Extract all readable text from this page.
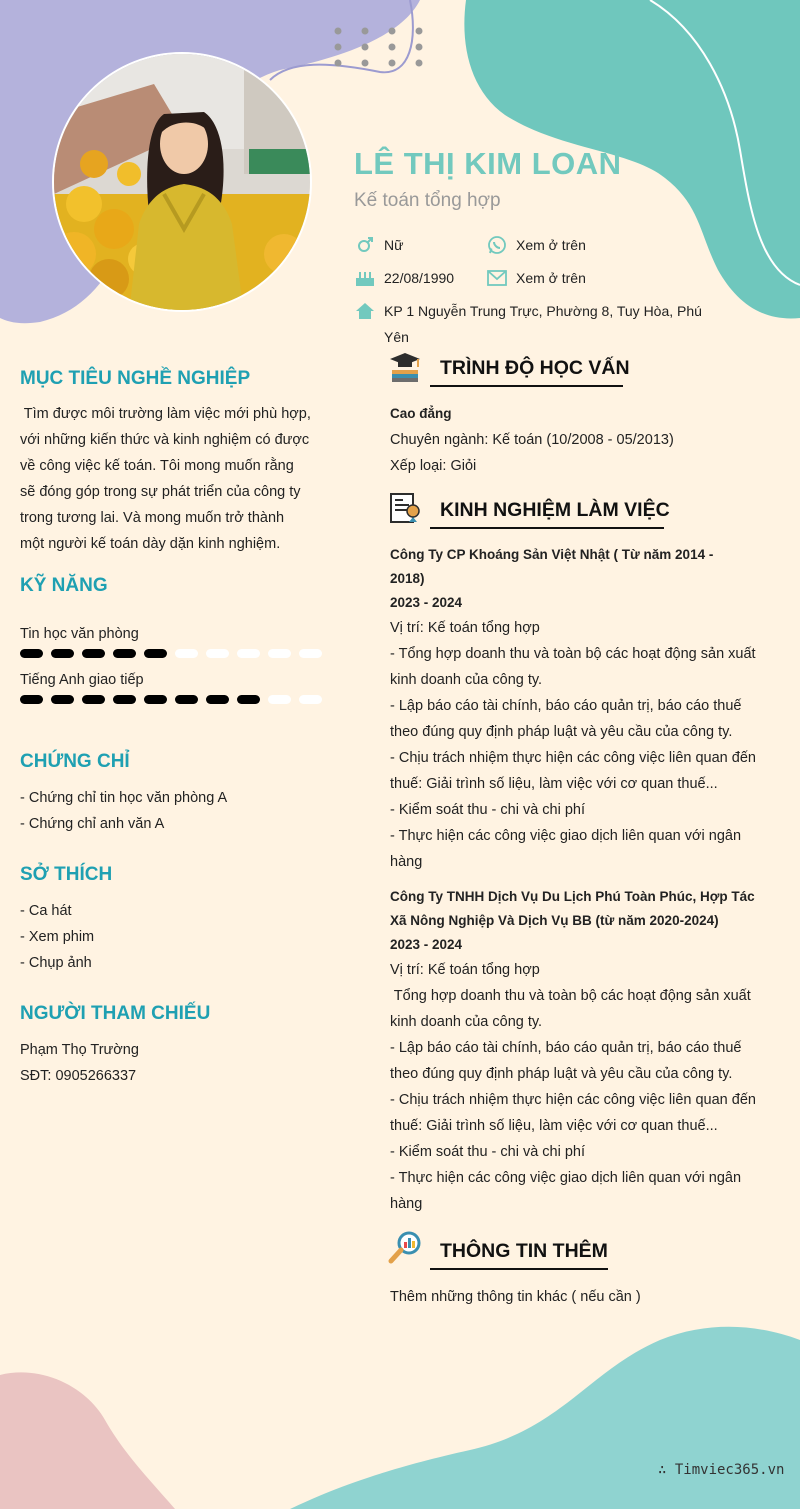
LÊ THỊ KIM LOAN
Kế toán tổng hợp
Nữ	Xem ở trên
22/08/1990	Xem ở trên
KP 1 Nguyễn Trung Trực, Phường 8, Tuy Hòa, Phú
Yên
MỤC TIÊU NGHỀ NGHIỆP
Tìm được môi trường làm việc mới phù hợp,
với những kiến thức và kinh nghiệm có được
về công việc kế toán. Tôi mong muốn rằng
sẽ đóng góp trong sự phát triển của công ty
trong tương lai. Và mong muốn trở thành
một người kế toán dày dặn kinh nghiệm.
KỸ NĂNG
Tin học văn phòng
Tiếng Anh giao tiếp
CHỨNG CHỈ
- Chứng chỉ tin học văn phòng A
- Chứng chỉ anh văn A
SỞ THÍCH
- Ca hát
- Xem phim
- Chụp ảnh
NGƯỜI THAM CHIẾU
Phạm Thọ Trường
SĐT: 0905266337
TRÌNH ĐỘ HỌC VẤN
Cao đẳng
Chuyên ngành: Kế toán (10/2008 - 05/2013)
Xếp loại: Giỏi
KINH NGHIỆM LÀM VIỆC
Công Ty CP Khoáng Sản Việt Nhật ( Từ năm 2014 -
2018)
2023 - 2024
Vị trí: Kế toán tổng hợp
- Tổng hợp doanh thu và toàn bộ các hoạt động sản xuất
kinh doanh của công ty.
- Lập báo cáo tài chính, báo cáo quản trị, báo cáo thuế
theo đúng quy định pháp luật và yêu cầu của công ty.
- Chịu trách nhiệm thực hiện các công việc liên quan đến
thuế: Giải trình số liệu, làm việc với cơ quan thuế...
- Kiểm soát thu - chi và chi phí
- Thực hiện các công việc giao dịch liên quan với ngân
hàng
Công Ty TNHH Dịch Vụ Du Lịch Phú Toàn Phúc, Hợp Tác
Xã Nông Nghiệp Và Dịch Vụ BB (từ năm 2020-2024)
2023 - 2024
Vị trí: Kế toán tổng hợp
Tổng hợp doanh thu và toàn bộ các hoạt động sản xuất
kinh doanh của công ty.
- Lập báo cáo tài chính, báo cáo quản trị, báo cáo thuế
theo đúng quy định pháp luật và yêu cầu của công ty.
- Chịu trách nhiệm thực hiện các công việc liên quan đến
thuế: Giải trình số liệu, làm việc với cơ quan thuế...
- Kiểm soát thu - chi và chi phí
- Thực hiện các công việc giao dịch liên quan với ngân
hàng
THÔNG TIN THÊM
Thêm những thông tin khác ( nếu cần )
∴ Timviec365.vn
